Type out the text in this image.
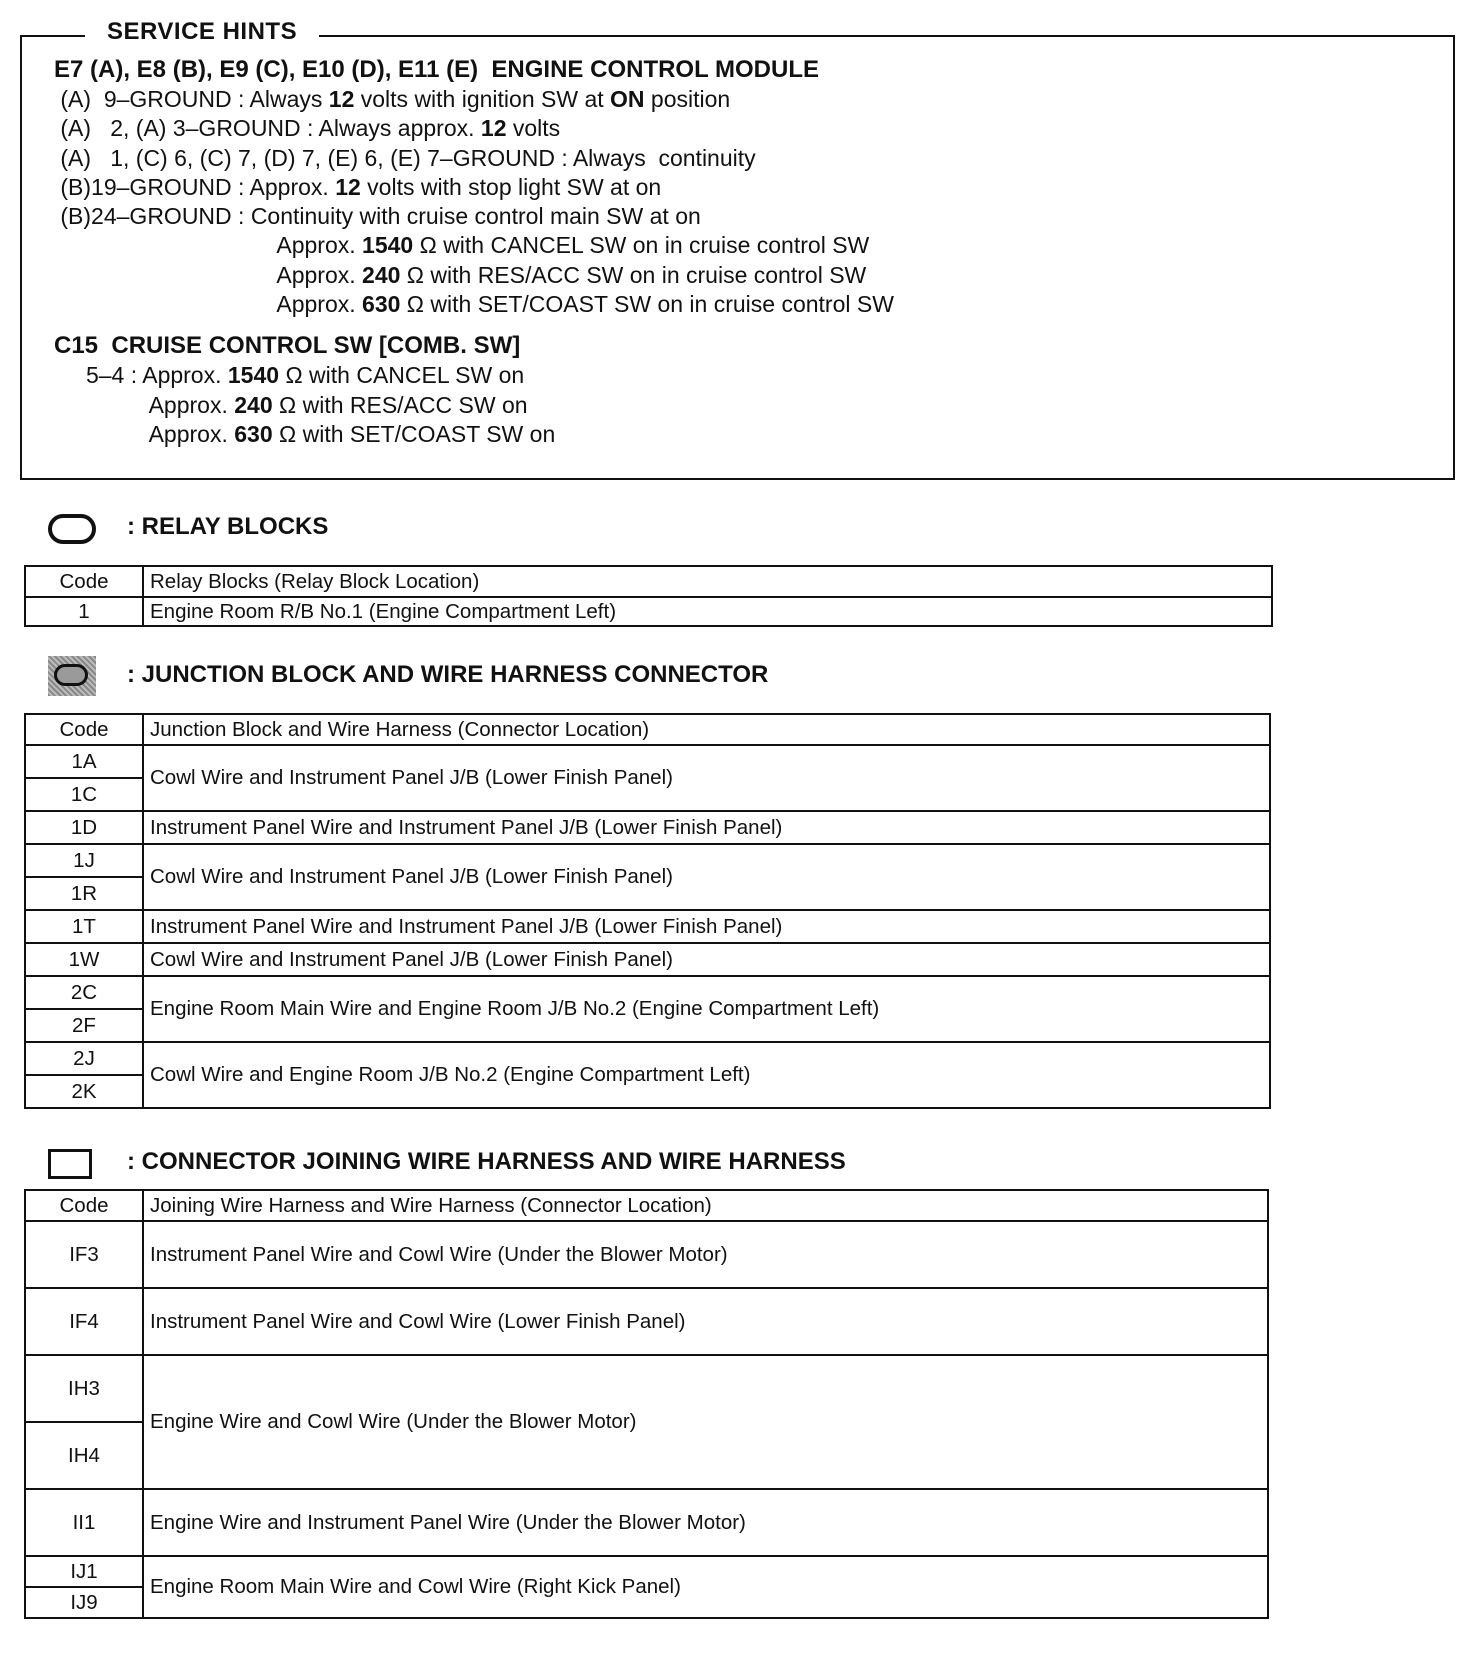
E7 (A), E8 (B), E9 (C), E10 (D), E11 (E)  ENGINE CONTROL MODULE
(A)  9–GROUND : Always 12 volts with ignition SW at ON position
(A)   2, (A) 3–GROUND : Always approx. 12 volts
(A)   1, (C) 6, (C) 7, (D) 7, (E) 6, (E) 7–GROUND : Always  continuity
(B)19–GROUND : Approx. 12 volts with stop light SW at on
(B)24–GROUND : Continuity with cruise control main SW at on
Approx. 1540 Ω with CANCEL SW on in cruise control SW
Approx. 240 Ω with RES/ACC SW on in cruise control SW
Approx. 630 Ω with SET/COAST SW on in cruise control SW
C15  CRUISE CONTROL SW [COMB. SW]
5–4 : Approx. 1540 Ω with CANCEL SW on
Approx. 240 Ω with RES/ACC SW on
Approx. 630 Ω with SET/COAST SW on
SERVICE HINTS
: RELAY BLOCKS
Code	Relay Blocks (Relay Block Location)
1	Engine Room R/B No.1 (Engine Compartment Left)
: JUNCTION BLOCK AND WIRE HARNESS CONNECTOR
Code	Junction Block and Wire Harness (Connector Location)
1A	Cowl Wire and Instrument Panel J/B (Lower Finish Panel)
1C	
1D	Instrument Panel Wire and Instrument Panel J/B (Lower Finish Panel)
1J	Cowl Wire and Instrument Panel J/B (Lower Finish Panel)
1R	
1T	Instrument Panel Wire and Instrument Panel J/B (Lower Finish Panel)
1W	Cowl Wire and Instrument Panel J/B (Lower Finish Panel)
2C	Engine Room Main Wire and Engine Room J/B No.2 (Engine Compartment Left)
2F	
2J	Cowl Wire and Engine Room J/B No.2 (Engine Compartment Left)
2K	
: CONNECTOR JOINING WIRE HARNESS AND WIRE HARNESS
Code	Joining Wire Harness and Wire Harness (Connector Location)
IF3	Instrument Panel Wire and Cowl Wire (Under the Blower Motor)
IF4	Instrument Panel Wire and Cowl Wire (Lower Finish Panel)
IH3	Engine Wire and Cowl Wire (Under the Blower Motor)
IH4	
II1	Engine Wire and Instrument Panel Wire (Under the Blower Motor)
IJ1	Engine Room Main Wire and Cowl Wire (Right Kick Panel)
IJ9	
